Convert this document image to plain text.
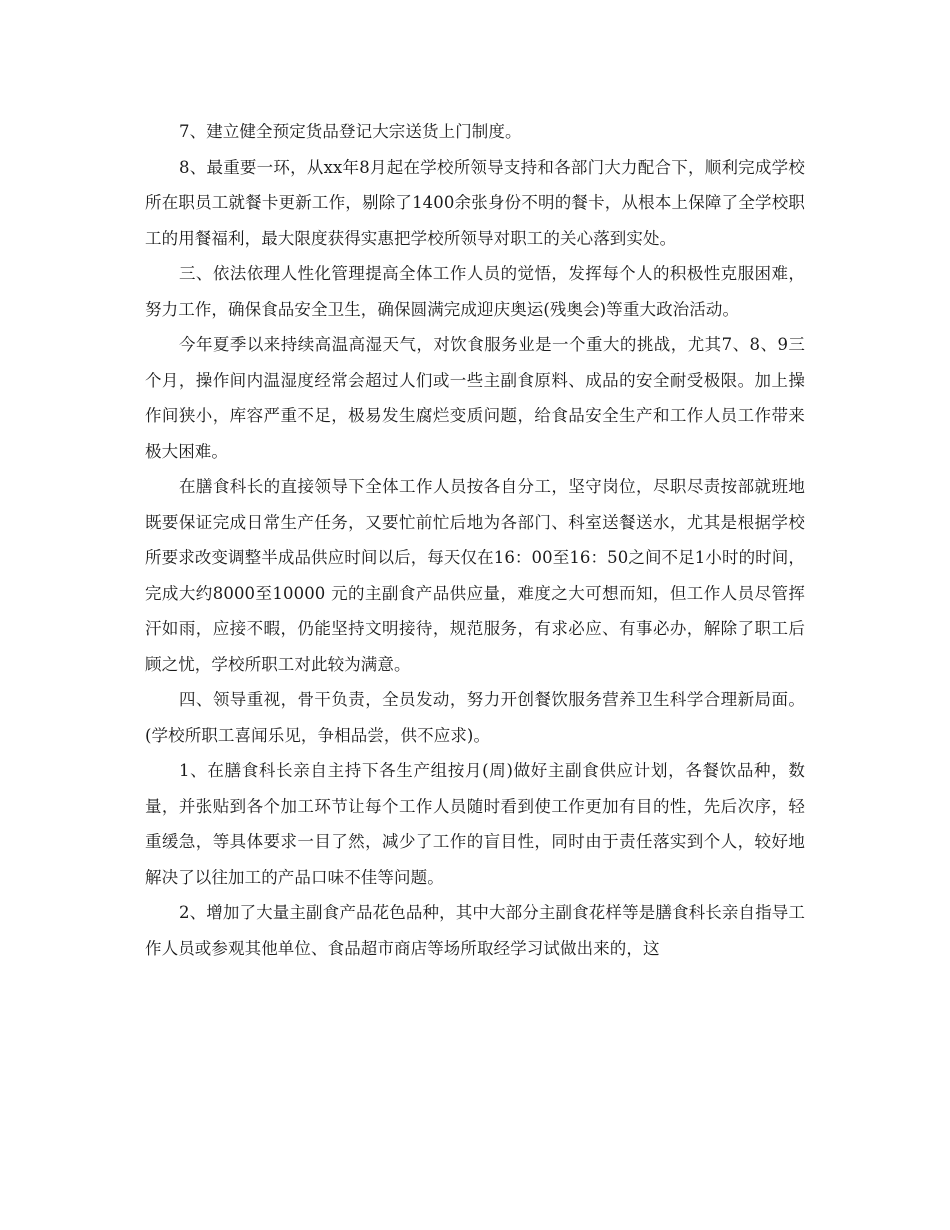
7、建立健全预定货品登记大宗送货上门制度。

8、最重要一环，从xx年8月起在学校所领导支持和各部门大力配合下，顺利完成学校所在职员工就餐卡更新工作，剔除了1400余张身份不明的餐卡，从根本上保障了全学校职工的用餐福利，最大限度获得实惠把学校所领导对职工的关心落到实处。

三、依法依理人性化管理提高全体工作人员的觉悟，发挥每个人的积极性克服困难，努力工作，确保食品安全卫生，确保圆满完成迎庆奥运(残奥会)等重大政治活动。

今年夏季以来持续高温高湿天气，对饮食服务业是一个重大的挑战，尤其7、8、9三个月，操作间内温湿度经常会超过人们或一些主副食原料、成品的安全耐受极限。加上操作间狭小，库容严重不足，极易发生腐烂变质问题，给食品安全生产和工作人员工作带来极大困难。

在膳食科长的直接领导下全体工作人员按各自分工，坚守岗位，尽职尽责按部就班地既要保证完成日常生产任务，又要忙前忙后地为各部门、科室送餐送水，尤其是根据学校所要求改变调整半成品供应时间以后，每天仅在16：00至16：50之间不足1小时的时间，完成大约8000至10000 元的主副食产品供应量，难度之大可想而知，但工作人员尽管挥汗如雨，应接不暇，仍能坚持文明接待，规范服务，有求必应、有事必办，解除了职工后顾之忧，学校所职工对此较为满意。

四、领导重视，骨干负责，全员发动，努力开创餐饮服务营养卫生科学合理新局面。(学校所职工喜闻乐见，争相品尝，供不应求)。

1、在膳食科长亲自主持下各生产组按月(周)做好主副食供应计划，各餐饮品种，数量，并张贴到各个加工环节让每个工作人员随时看到使工作更加有目的性，先后次序，轻重缓急，等具体要求一目了然，减少了工作的盲目性，同时由于责任落实到个人，较好地解决了以往加工的产品口味不佳等问题。

2、增加了大量主副食产品花色品种，其中大部分主副食花样等是膳食科长亲自指导工作人员或参观其他单位、食品超市商店等场所取经学习试做出来的，这
